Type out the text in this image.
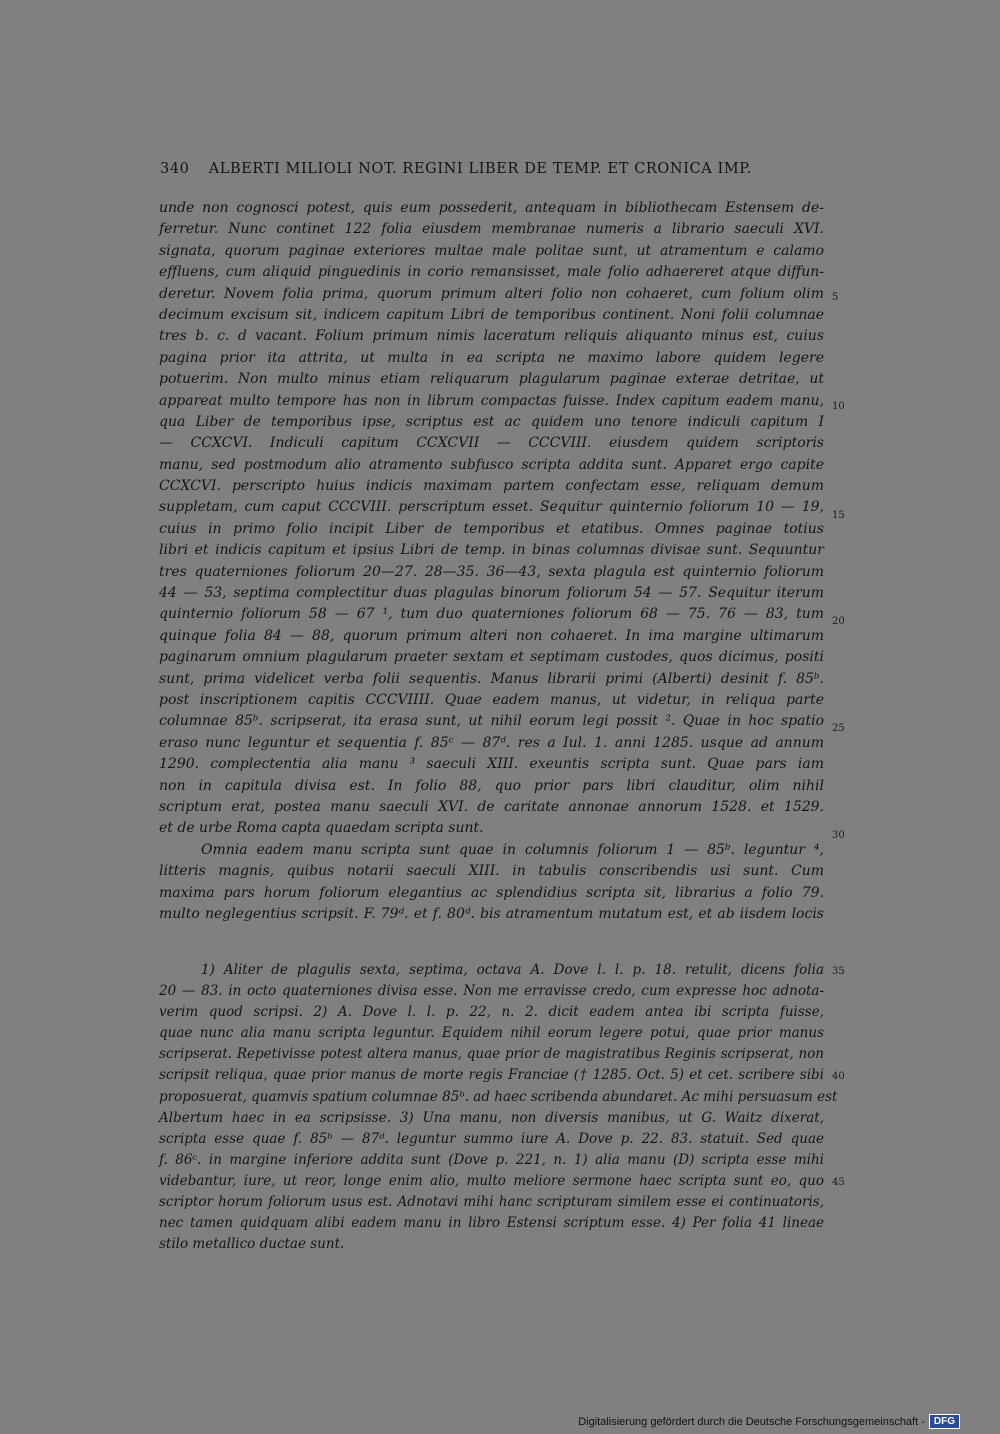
340 ALBERTI MILIOLI NOT. REGINI LIBER DE TEMP. ET CRONICA IMP.
unde non cognosci potest, quis eum possederit, antequam in bibliothecam Estensem de-
ferretur. Nunc continet 122 folia eiusdem membranae numeris a librario saeculi XVI.
signata, quorum paginae exteriores multae male politae sunt, ut atramentum e calamo
effluens, cum aliquid pinguedinis in corio remansisset, male folio adhaereret atque diffun-
deretur. Novem folia prima, quorum primum alteri folio non cohaeret, cum folium olim
decimum excisum sit, indicem capitum Libri de temporibus continent. Noni folii columnae
tres b. c. d vacant. Folium primum nimis laceratum reliquis aliquanto minus est, cuius
pagina prior ita attrita, ut multa in ea scripta ne maximo labore quidem legere
potuerim. Non multo minus etiam reliquarum plagularum paginae exterae detritae, ut
appareat multo tempore has non in librum compactas fuisse. Index capitum eadem manu,
qua Liber de temporibus ipse, scriptus est ac quidem uno tenore indiculi capitum I
— CCXCVI. Indiculi capitum CCXCVII — CCCVIII. eiusdem quidem scriptoris
manu, sed postmodum alio atramento subfusco scripta addita sunt. Apparet ergo capite
CCXCVI. perscripto huius indicis maximam partem confectam esse, reliquam demum
suppletam, cum caput CCCVIII. perscriptum esset. Sequitur quinternio foliorum 10 — 19,
cuius in primo folio incipit Liber de temporibus et etatibus. Omnes paginae totius
libri et indicis capitum et ipsius Libri de temp. in binas columnas divisae sunt. Sequuntur
tres quaterniones foliorum 20—27. 28—35. 36—43, sexta plagula est quinternio foliorum
44 — 53, septima complectitur duas plagulas binorum foliorum 54 — 57. Sequitur iterum
quinternio foliorum 58 — 67 ¹, tum duo quaterniones foliorum 68 — 75. 76 — 83, tum
quinque folia 84 — 88, quorum primum alteri non cohaeret. In ima margine ultimarum
paginarum omnium plagularum praeter sextam et septimam custodes, quos dicimus, positi
sunt, prima videlicet verba folii sequentis. Manus librarii primi (Alberti) desinit f. 85ᵇ.
post inscriptionem capitis CCCVIIII. Quae eadem manus, ut videtur, in reliqua parte
columnae 85ᵇ. scripserat, ita erasa sunt, ut nihil eorum legi possit ². Quae in hoc spatio
eraso nunc leguntur et sequentia f. 85ᶜ — 87ᵈ. res a Iul. 1. anni 1285. usque ad annum
1290. complectentia alia manu ³ saeculi XIII. exeuntis scripta sunt. Quae pars iam
non in capitula divisa est. In folio 88, quo prior pars libri clauditur, olim nihil
scriptum erat, postea manu saeculi XVI. de caritate annonae annorum 1528. et 1529.
et de urbe Roma capta quaedam scripta sunt.
Omnia eadem manu scripta sunt quae in columnis foliorum 1 — 85ᵇ. leguntur ⁴,
litteris magnis, quibus notarii saeculi XIII. in tabulis conscribendis usi sunt. Cum
maxima pars horum foliorum elegantius ac splendidius scripta sit, librarius a folio 79.
multo neglegentius scripsit. F. 79ᵈ. et f. 80ᵈ. bis atramentum mutatum est, et ab iisdem locis
1) Aliter de plagulis sexta, septima, octava A. Dove l. l. p. 18. retulit, dicens folia
20 — 83. in octo quaterniones divisa esse. Non me erravisse credo, cum expresse hoc adnota-
verim quod scripsi. 2) A. Dove l. l. p. 22, n. 2. dicit eadem antea ibi scripta fuisse,
quae nunc alia manu scripta leguntur. Equidem nihil eorum legere potui, quae prior manus
scripserat. Repetivisse potest altera manus, quae prior de magistratibus Reginis scripserat, non
scripsit reliqua, quae prior manus de morte regis Franciae († 1285. Oct. 5) et cet. scribere sibi
proposuerat, quamvis spatium columnae 85ᵇ. ad haec scribenda abundaret. Ac mihi persuasum est
Albertum haec in ea scripsisse. 3) Una manu, non diversis manibus, ut G. Waitz dixerat,
scripta esse quae f. 85ᵇ — 87ᵈ. leguntur summo iure A. Dove p. 22. 83. statuit. Sed quae
f. 86ᶜ. in margine inferiore addita sunt (Dove p. 221, n. 1) alia manu (D) scripta esse mihi
videbantur, iure, ut reor, longe enim alio, multo meliore sermone haec scripta sunt eo, quo
scriptor horum foliorum usus est. Adnotavi mihi hanc scripturam similem esse ei continuatoris,
nec tamen quidquam alibi eadem manu in libro Estensi scriptum esse. 4) Per folia 41 lineae
stilo metallico ductae sunt.
5
10
15
20
25
30
35
40
45
Digitalisierung gefördert durch die Deutsche Forschungsgemeinschaft - DFG
